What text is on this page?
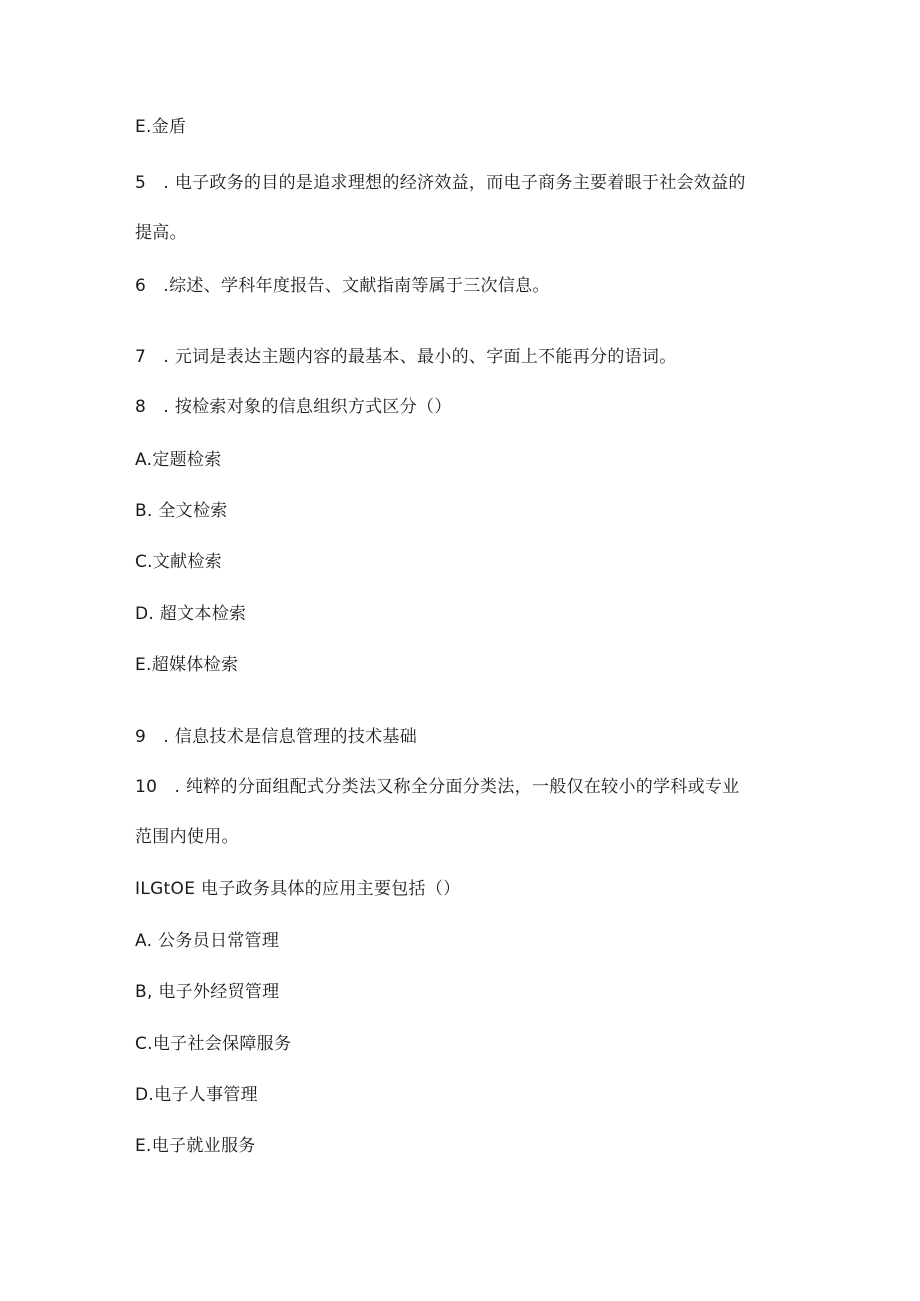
E.金盾
5　. 电子政务的目的是追求理想的经济效益，而电子商务主要着眼于社会效益的
提高。
6　.综述、学科年度报告、文献指南等属于三次信息。
7　. 元词是表达主题内容的最基本、最小的、字面上不能再分的语词。
8　. 按检索对象的信息组织方式区分（）
A.定题检索
B. 全文检索
C.文献检索
D. 超文本检索
E.超媒体检索
9　. 信息技术是信息管理的技术基础
10　. 纯粹的分面组配式分类法又称全分面分类法，一般仅在较小的学科或专业
范围内使用。
ILGtOE 电子政务具体的应用主要包括（）
A. 公务员日常管理
B, 电子外经贸管理
C.电子社会保障服务
D.电子人事管理
E.电子就业服务
